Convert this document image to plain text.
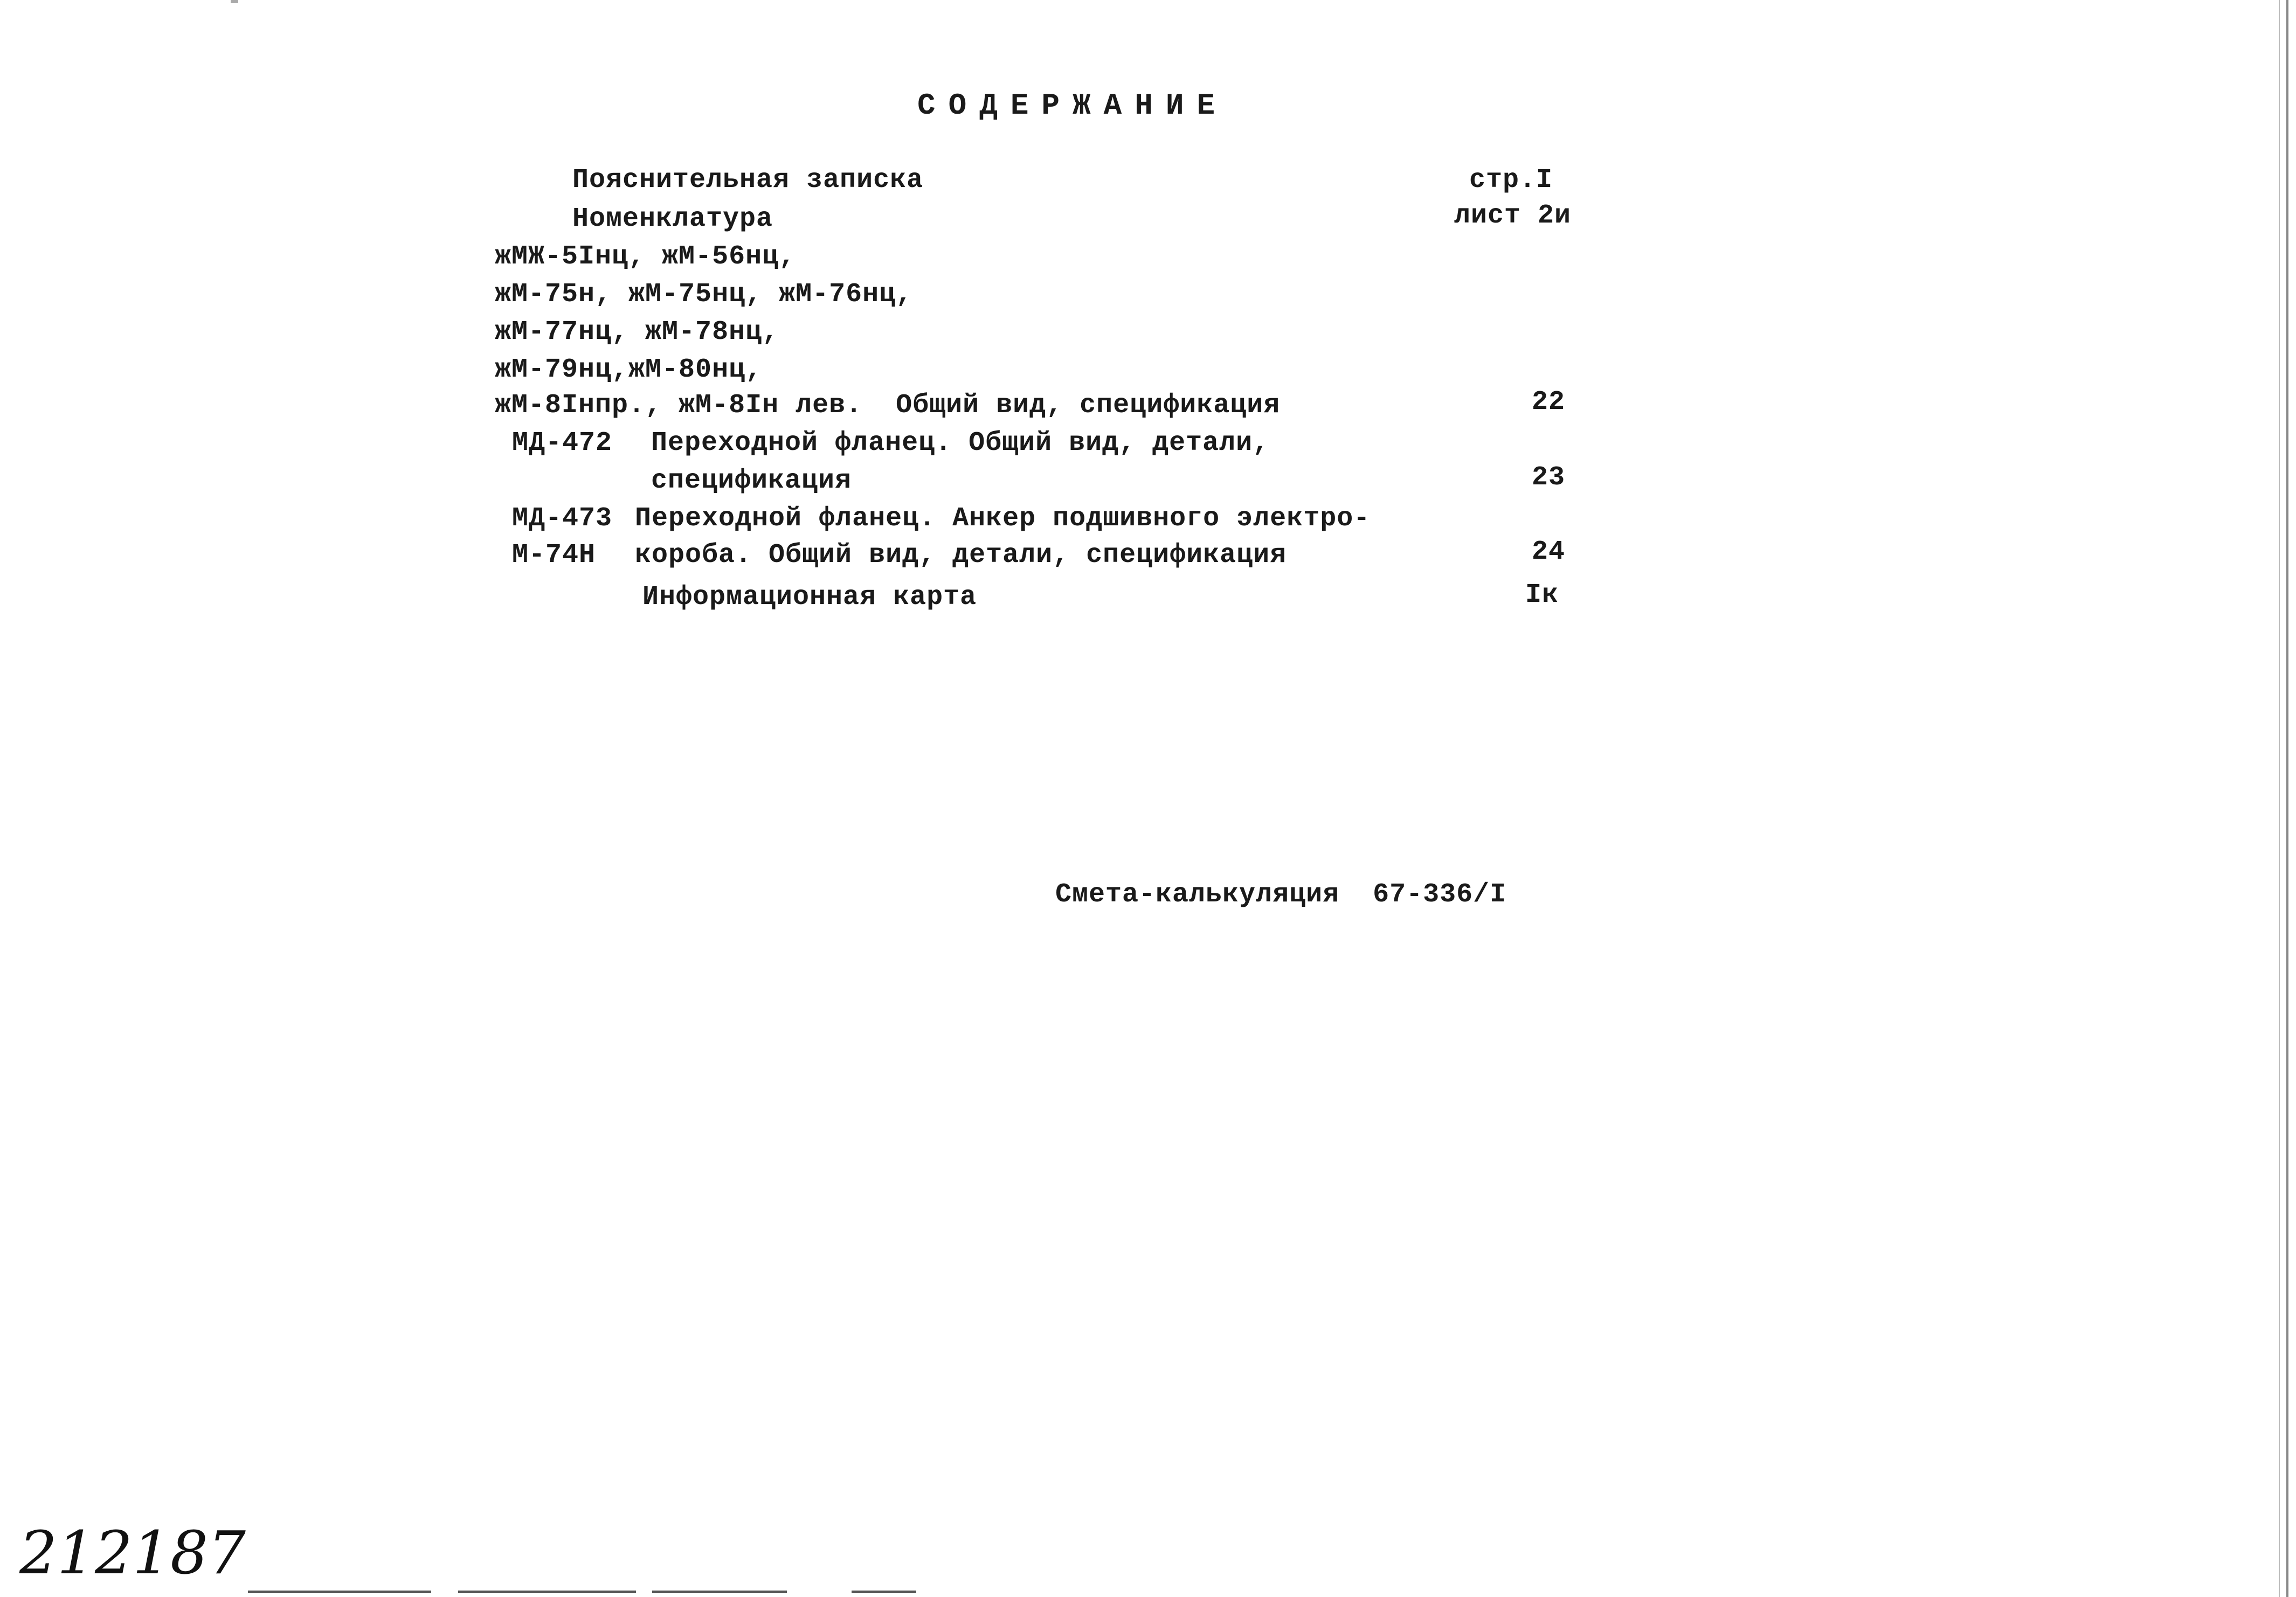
СОДЕРЖАНИЕ
Пояснительная записка	стр.I
Номенклатура	лист 2и
жМЖ-5Iнц, жМ-56нц,
жМ-75н, жМ-75нц, жМ-76нц,
жМ-77нц, жМ-78нц,
жМ-79нц,жМ-80нц,
жМ-8Iнпр., жМ-8Iн лев.  Общий вид, спецификация	22
МД-472 Переходной фланец. Общий вид, детали,
спецификация	23
МД-473 Переходной фланец. Анкер подшивного электро-
М-74Н короба. Общий вид, детали, спецификация	24
Информационная карта	Iк
Смета-калькуляция  67-336/I
212187
